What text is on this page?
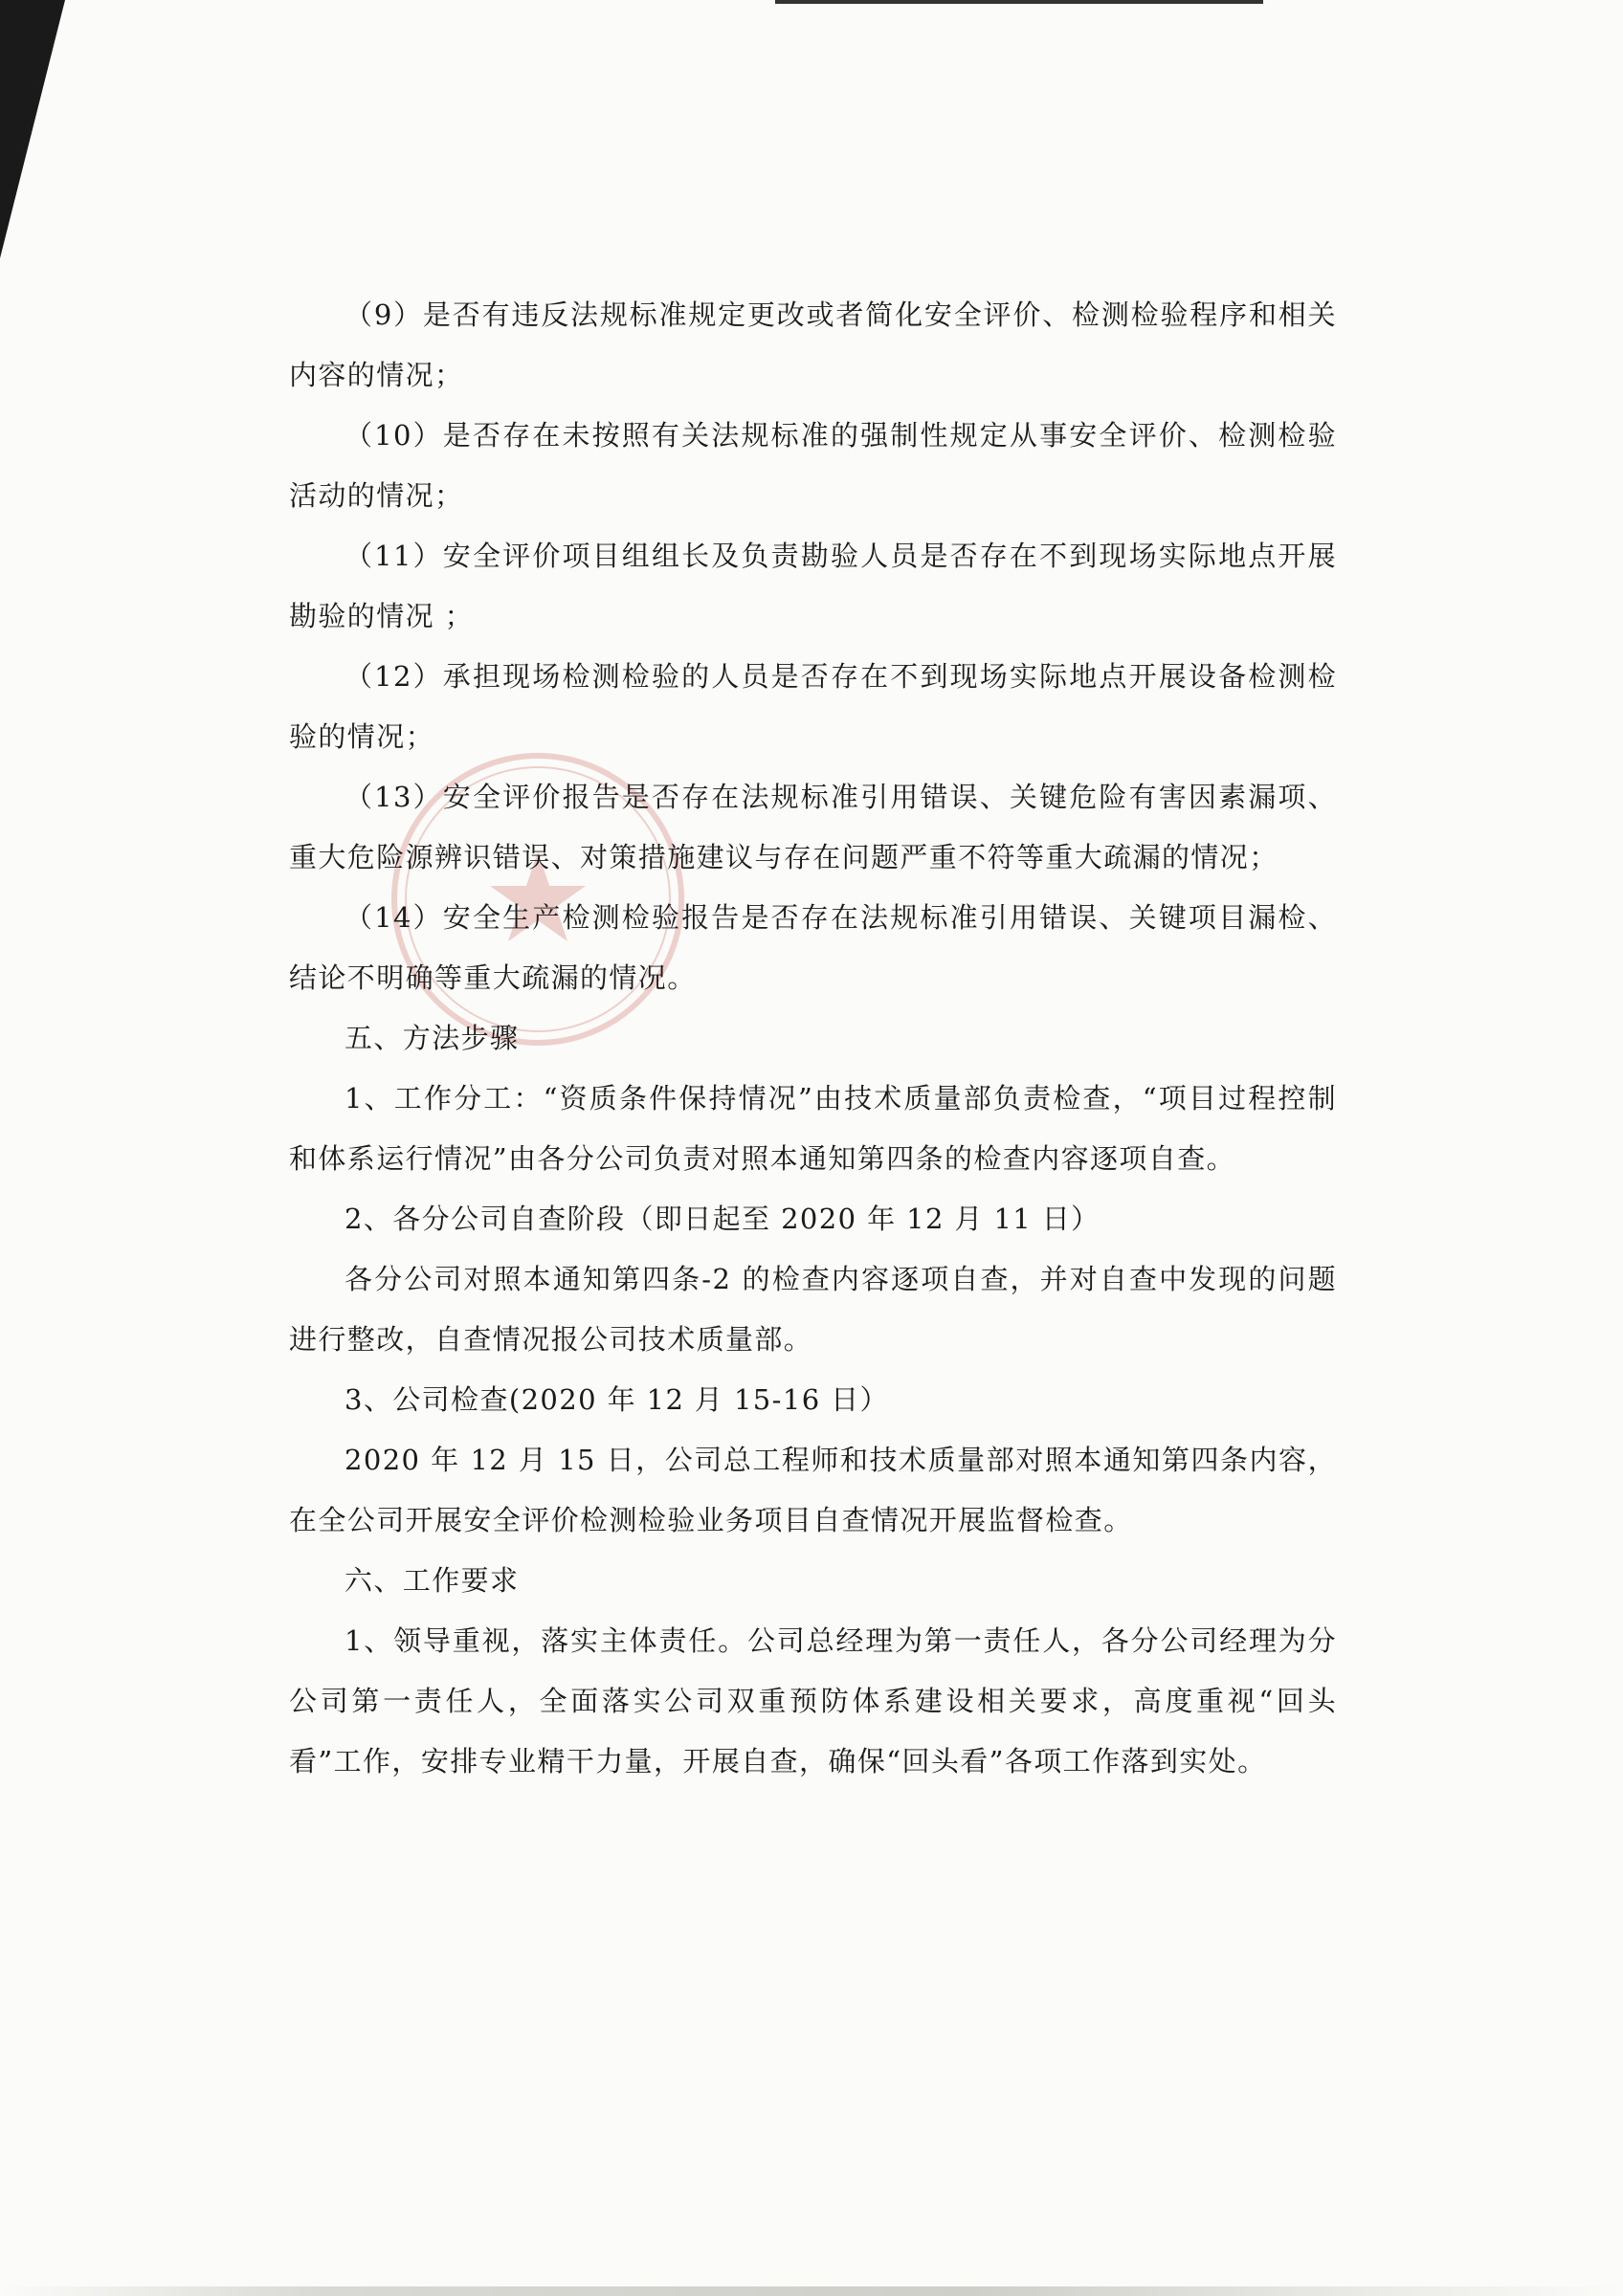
（9）是否有违反法规标准规定更改或者简化安全评价、检测检验程序和相关内容的情况；

（10）是否存在未按照有关法规标准的强制性规定从事安全评价、检测检验活动的情况；

（11）安全评价项目组组长及负责勘验人员是否存在不到现场实际地点开展勘验的情况 ；

（12）承担现场检测检验的人员是否存在不到现场实际地点开展设备检测检验的情况；

（13）安全评价报告是否存在法规标准引用错误、关键危险有害因素漏项、重大危险源辨识错误、对策措施建议与存在问题严重不符等重大疏漏的情况；

（14）安全生产检测检验报告是否存在法规标准引用错误、关键项目漏检、结论不明确等重大疏漏的情况。

五、方法步骤

1、工作分工：“资质条件保持情况”由技术质量部负责检查，“项目过程控制和体系运行情况”由各分公司负责对照本通知第四条的检查内容逐项自查。

2、各分公司自查阶段（即日起至 2020 年 12 月 11 日）

各分公司对照本通知第四条-2 的检查内容逐项自查，并对自查中发现的问题进行整改，自查情况报公司技术质量部。

3、公司检查(2020 年 12 月 15-16 日）

2020 年 12 月 15 日，公司总工程师和技术质量部对照本通知第四条内容，在全公司开展安全评价检测检验业务项目自查情况开展监督检查。

六、工作要求

1、领导重视，落实主体责任。公司总经理为第一责任人，各分公司经理为分公司第一责任人，全面落实公司双重预防体系建设相关要求，高度重视“回头看”工作，安排专业精干力量，开展自查，确保“回头看”各项工作落到实处。
